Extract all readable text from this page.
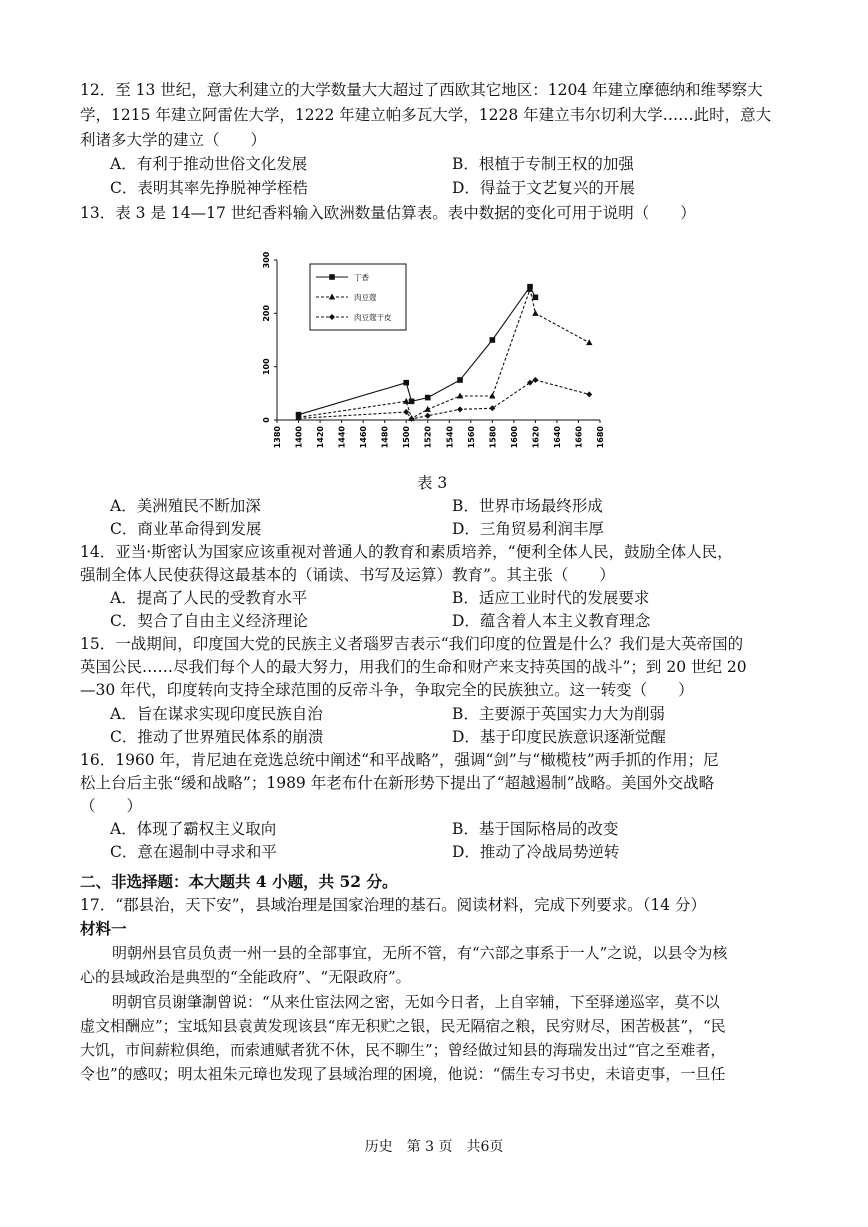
12．至 13 世纪，意大利建立的大学数量大大超过了西欧其它地区：1204 年建立摩德纳和维琴察大
学，1215 年建立阿雷佐大学，1222 年建立帕多瓦大学，1228 年建立韦尔切利大学……此时，意大
利诸多大学的建立（　　）
A．有利于推动世俗文化发展	B．根植于专制王权的加强
C．表明其率先挣脱神学桎梏	D．得益于文艺复兴的开展
13．表 3 是 14—17 世纪香料输入欧洲数量估算表。表中数据的变化可用于说明（　　）
0
100
200
300
1380 1400 1420 1440 1460 1480 1500 1520 1540 1560 1580 1600 1620 1640 1660 1680
丁香
肉豆蔻
肉豆蔻干皮
表 3
A．美洲殖民不断加深	B．世界市场最终形成
C．商业革命得到发展	D．三角贸易利润丰厚
14．亚当·斯密认为国家应该重视对普通人的教育和素质培养，“便利全体人民，鼓励全体人民，
强制全体人民使获得这最基本的（诵读、书写及运算）教育”。其主张（　　）
A．提高了人民的受教育水平	B．适应工业时代的发展要求
C．契合了自由主义经济理论	D．蕴含着人本主义教育理念
15．一战期间，印度国大党的民族主义者瑙罗吉表示“我们印度的位置是什么？我们是大英帝国的
英国公民……尽我们每个人的最大努力，用我们的生命和财产来支持英国的战斗”；到 20 世纪 20
—30 年代，印度转向支持全球范围的反帝斗争，争取完全的民族独立。这一转变（　　）
A．旨在谋求实现印度民族自治	B．主要源于英国实力大为削弱
C．推动了世界殖民体系的崩溃	D．基于印度民族意识逐渐觉醒
16．1960 年，肯尼迪在竞选总统中阐述“和平战略”，强调“剑”与“橄榄枝”两手抓的作用；尼
松上台后主张“缓和战略”；1989 年老布什在新形势下提出了“超越遏制”战略。美国外交战略
（　　）
A．体现了霸权主义取向	B．基于国际格局的改变
C．意在遏制中寻求和平	D．推动了冷战局势逆转
二、非选择题：本大题共 4 小题，共 52 分。
17．“郡县治，天下安”，县域治理是国家治理的基石。阅读材料，完成下列要求。（14 分）
材料一
明朝州县官员负责一州一县的全部事宜，无所不管，有“六部之事系于一人”之说，以县令为核
心的县域政治是典型的“全能政府”、“无限政府”。
明朝官员谢肇淛曾说：“从来仕宦法网之密，无如今日者，上自宰辅，下至驿递巡宰，莫不以
虚文相酬应”；宝坻知县袁黄发现该县“库无积贮之银，民无隔宿之粮，民穷财尽，困苦极甚”，“民
大饥，市间薪粒俱绝，而索逋赋者犹不休，民不聊生”；曾经做过知县的海瑞发出过“官之至难者，
令也”的感叹；明太祖朱元璋也发现了县域治理的困境，他说：“儒生专习书史，未谙吏事，一旦任
历史　第 3 页　共6页
